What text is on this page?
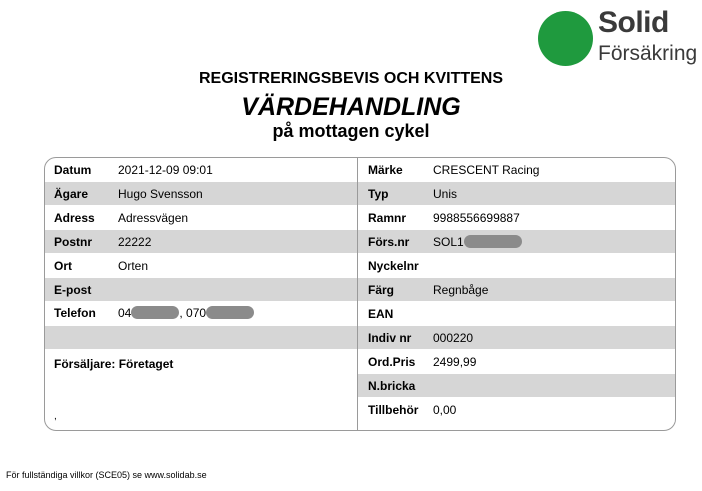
Solid
Försäkring
REGISTRERINGSBEVIS OCH KVITTENS
VÄRDEHANDLING
på mottagen cykel
Datum 2021-12-09 09:01
Ägare Hugo Svensson
Adress Adressvägen
Postnr 22222
Ort	Orten
E-post
Telefon 04	, 070
Försäljare: Företaget
,
Märke	CRESCENT Racing
Typ	Unis
Ramnr 9988556699887
Förs.nr SOL1
Nyckelnr
Färg	Regnbåge
EAN
Indiv nr 000220
Ord.Pris 2499,99
N.bricka
Tillbehör 0,00
För fullständiga villkor (SCE05) se www.solidab.se
